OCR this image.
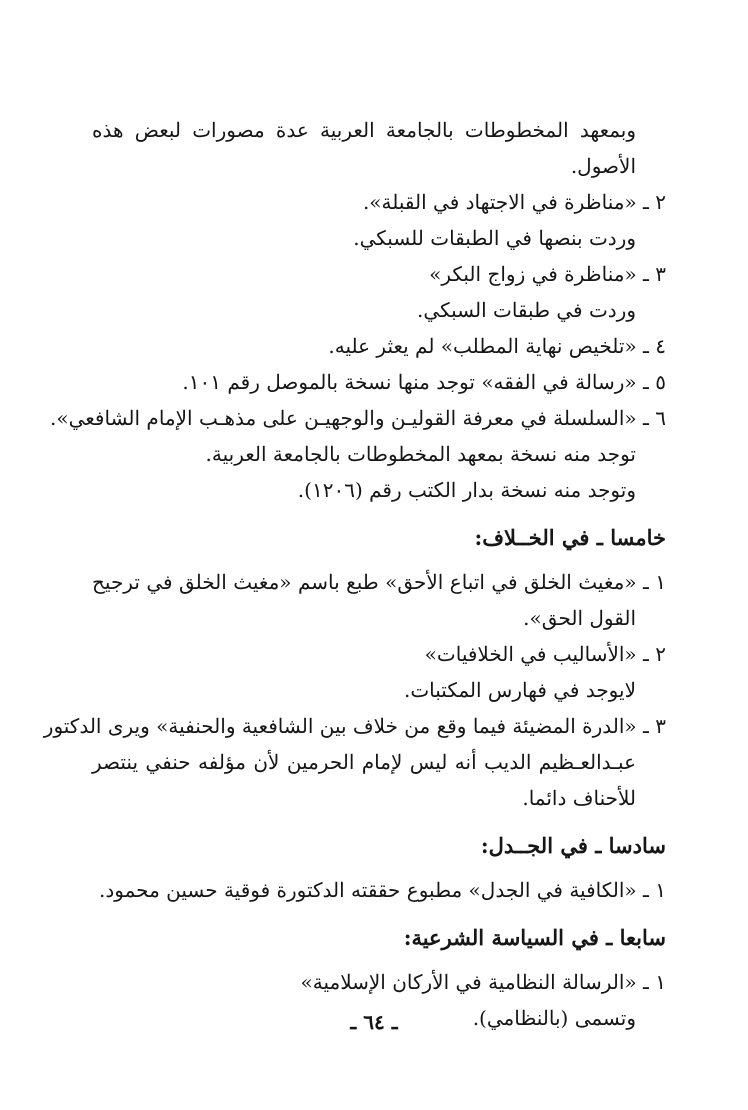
وبمعهد المخطوطات بالجامعة العربية عدة مصورات لبعض هذه
الأصول.
٢ ـ «مناظرة في الاجتهاد في القبلة».
وردت بنصها في الطبقات للسبكي.
٣ ـ «مناظرة في زواج البكر»
وردت في طبقات السبكي.
٤ ـ «تلخيص نهاية المطلب» لم يعثر عليه.
٥ ـ «رسالة في الفقه» توجد منها نسخة بالموصل رقم ١٠١.
٦ ـ «السلسلة في معرفة القوليـن والوجهيـن على مذهـب الإمام الشافعي».
توجد منه نسخة بمعهد المخطوطات بالجامعة العربية.
وتوجد منه نسخة بدار الكتب رقم (١٢٠٦).
خامسا ـ في الخــلاف:
١ ـ «مغيث الخلق في اتباع الأحق» طبع باسم «مغيث الخلق في ترجيح
القول الحق».
٢ ـ «الأساليب في الخلافيات»
لايوجد في فهارس المكتبات.
٣ ـ «الدرة المضيئة فيما وقع من خلاف بين الشافعية والحنفية» ويرى الدكتور
عبـدالعـظيم الديب أنه ليس لإمام الحرمين لأن مؤلفه حنفي ينتصر
للأحناف دائما.
سادسا ـ في الجــدل:
١ ـ «الكافية في الجدل» مطبوع حققته الدكتورة فوقية حسين محمود.
سابعا ـ في السياسة الشرعية:
١ ـ «الرسالة النظامية في الأركان الإسلامية»
وتسمى (بالنظامي).
ـ ٦٤ ـ
